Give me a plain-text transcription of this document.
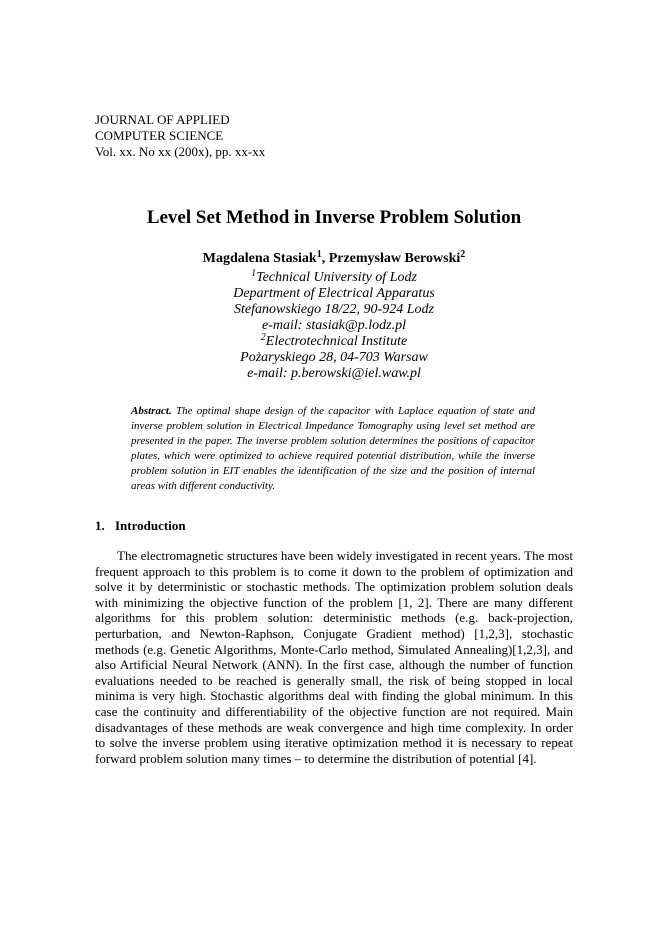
JOURNAL OF APPLIED
COMPUTER SCIENCE
Vol. xx. No xx (200x), pp. xx-xx
Level Set Method in Inverse Problem Solution
Magdalena Stasiak$^1$, Przemysław Berowski$^2$
$^1$Technical University of Lodz
Department of Electrical Apparatus
Stefanowskiego 18/22, 90-924 Lodz
e-mail: stasiak@p.lodz.pl
$^2$Electrotechnical Institute
Pożaryskiego 28, 04-703 Warsaw
e-mail: p.berowski@iel.waw.pl
Abstract. The optimal shape design of the capacitor with Laplace equation of state and inverse problem solution in Electrical Impedance Tomography using level set method are presented in the paper. The inverse problem solution determines the positions of capacitor plates, which were optimized to achieve required potential distribution, while the inverse problem solution in EIT enables the identification of the size and the position of internal areas with different conductivity.
1. Introduction

The electromagnetic structures have been widely investigated in recent years. The most frequent approach to this problem is to come it down to the problem of optimization and solve it by deterministic or stochastic methods. The optimization problem solution deals with minimizing the objective function of the problem [1, 2]. There are many different algorithms for this problem solution: deterministic methods (e.g. back-projection, perturbation, and Newton-Raphson, Conjugate Gradient method) [1,2,3], stochastic methods (e.g. Genetic Algorithms, Monte-Carlo method, Simulated Annealing)[1,2,3], and also Artificial Neural Network (ANN). In the first case, although the number of function evaluations needed to be reached is generally small, the risk of being stopped in local minima is very high. Stochastic algorithms deal with finding the global minimum. In this case the continuity and differentiability of the objective function are not required. Main disadvantages of these methods are weak convergence and high time complexity. In order to solve the inverse problem using iterative optimization method it is necessary to repeat forward problem solution many times – to determine the distribution of potential [4].
